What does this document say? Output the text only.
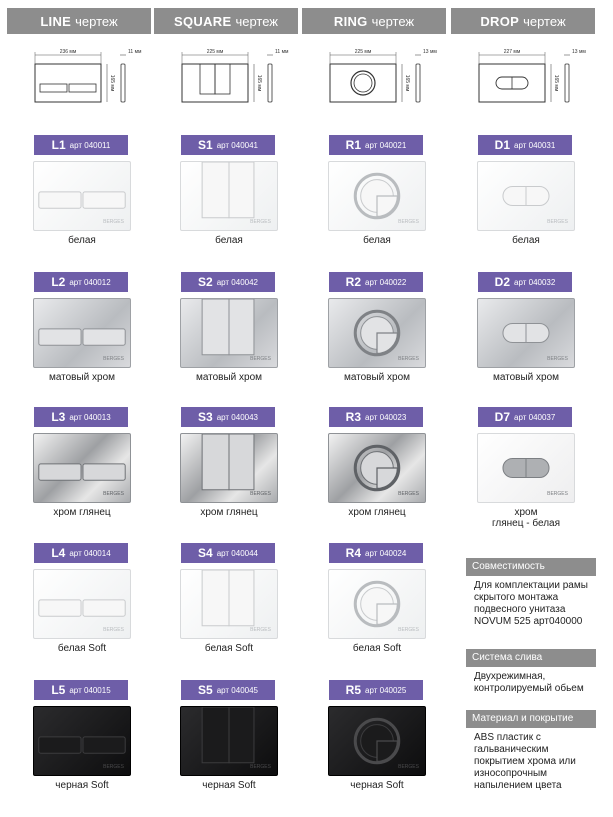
LINE чертеж
236 мм
165 мм
11 мм
L1 арт 040011
BERGES
белая
L2 арт 040012
BERGES
матовый хром
L3 арт 040013
BERGES
хром глянец
L4 арт 040014
BERGES
белая Soft
L5 арт 040015
BERGES
черная Soft
SQUARE чертеж
225 мм
165 мм
11 мм
S1 арт 040041
BERGES
белая
S2 арт 040042
BERGES
матовый хром
S3 арт 040043
BERGES
хром глянец
S4 арт 040044
BERGES
белая Soft
S5 арт 040045
BERGES
черная Soft
RING чертеж
225 мм
165 мм
13 мм
R1 арт 040021
BERGES
белая
R2 арт 040022
BERGES
матовый хром
R3 арт 040023
BERGES
хром глянец
R4 арт 040024
BERGES
белая Soft
R5 арт 040025
BERGES
черная Soft
DROP чертеж
227 мм
165 мм
13 мм
D1 арт 040031
BERGES
белая
D2 арт 040032
BERGES
матовый хром
D7 арт 040037
BERGES
хром
глянец - белая
Совместимость
Для комплектации рамы скрытого монтажа подвесного унитаза NOVUM 525 арт040000
Система слива
Двухрежимная, контролируемый обьем
Материал и покрытие
ABS пластик с гальваническим покрытием хрома или износопрочным напылением цвета
